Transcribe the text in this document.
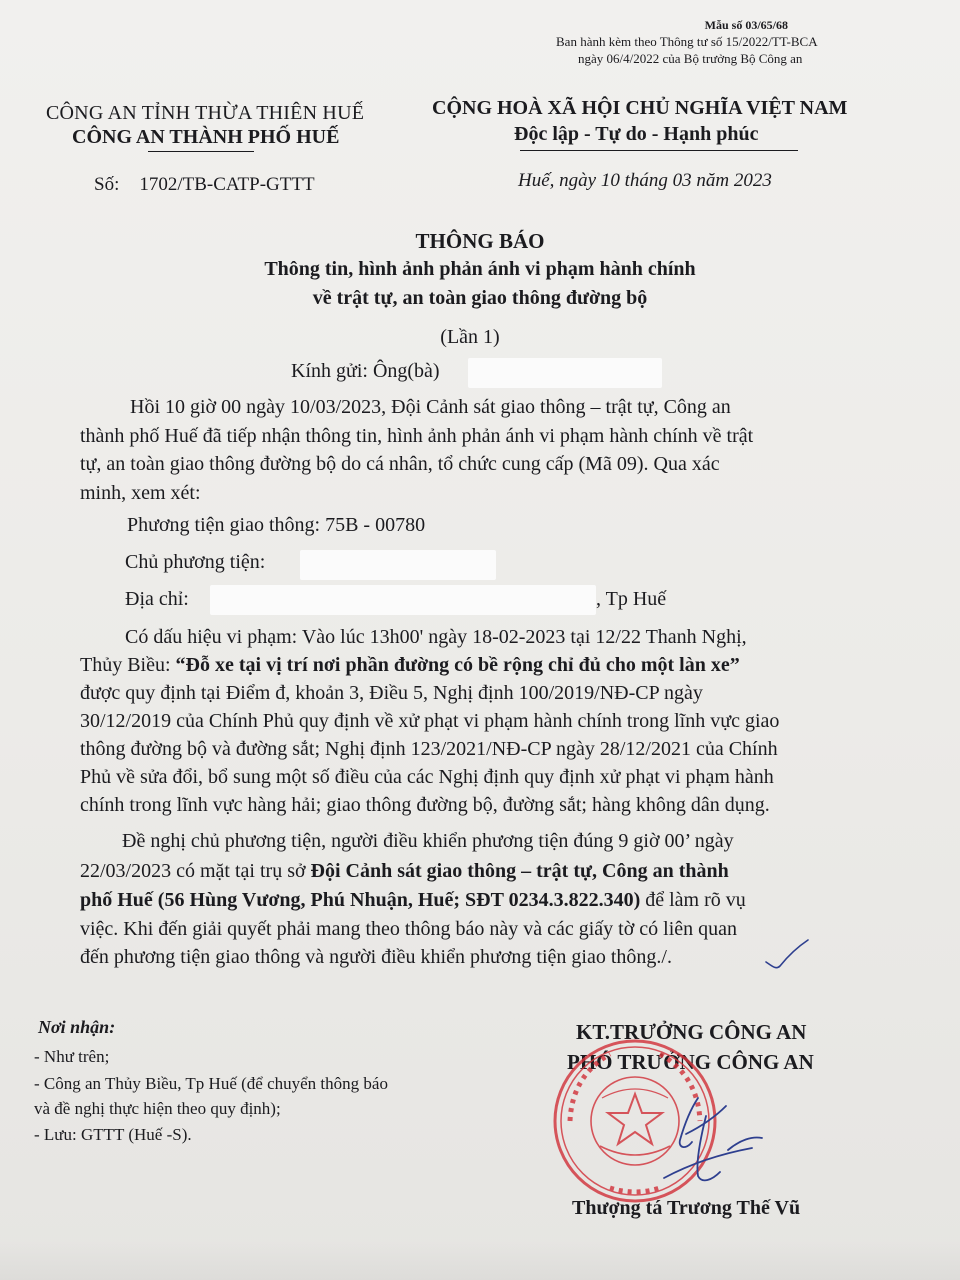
Mẫu số 03/65/68
Ban hành kèm theo Thông tư số 15/2022/TT-BCA
ngày 06/4/2022 của Bộ trưởng Bộ Công an
CÔNG AN TỈNH THỪA THIÊN HUẾ
CÔNG AN THÀNH PHỐ HUẾ
CỘNG HOÀ XÃ HỘI CHỦ NGHĨA VIỆT NAM
Độc lập - Tự do - Hạnh phúc
Số: 1702/TB-CATP-GTTT	Huế, ngày 10 tháng 03 năm 2023
THÔNG BÁO
Thông tin, hình ảnh phản ánh vi phạm hành chính
về trật tự, an toàn giao thông đường bộ
(Lần 1)
Kính gửi: Ông(bà)
Hồi 10 giờ 00 ngày 10/03/2023, Đội Cảnh sát giao thông – trật tự, Công an
thành phố Huế đã tiếp nhận thông tin, hình ảnh phản ánh vi phạm hành chính về trật
tự, an toàn giao thông đường bộ do cá nhân, tổ chức cung cấp (Mã 09). Qua xác
minh, xem xét:
Phương tiện giao thông: 75B - 00780
Chủ phương tiện:
Địa chỉ:	, Tp Huế
Có dấu hiệu vi phạm: Vào lúc 13h00' ngày 18-02-2023 tại 12/22 Thanh Nghị,
Thủy Biều: “Đỗ xe tại vị trí nơi phần đường có bề rộng chỉ đủ cho một làn xe”
được quy định tại Điểm đ, khoản 3, Điều 5, Nghị định 100/2019/NĐ-CP ngày
30/12/2019 của Chính Phủ quy định về xử phạt vi phạm hành chính trong lĩnh vực giao
thông đường bộ và đường sắt; Nghị định 123/2021/NĐ-CP ngày 28/12/2021 của Chính
Phủ về sửa đổi, bổ sung một số điều của các Nghị định quy định xử phạt vi phạm hành
chính trong lĩnh vực hàng hải; giao thông đường bộ, đường sắt; hàng không dân dụng.
Đề nghị chủ phương tiện, người điều khiển phương tiện đúng 9 giờ 00’ ngày
22/03/2023 có mặt tại trụ sở Đội Cảnh sát giao thông – trật tự, Công an thành
phố Huế (56 Hùng Vương, Phú Nhuận, Huế; SĐT 0234.3.822.340) để làm rõ vụ
việc. Khi đến giải quyết phải mang theo thông báo này và các giấy tờ có liên quan
đến phương tiện giao thông và người điều khiển phương tiện giao thông./.
Nơi nhận:
- Như trên;
- Công an Thủy Biều, Tp Huế (để chuyển thông báo
và đề nghị thực hiện theo quy định);
- Lưu: GTTT (Huế -S).
KT.TRƯỞNG CÔNG AN
PHÓ TRƯỞNG CÔNG AN
Thượng tá Trương Thế Vũ
